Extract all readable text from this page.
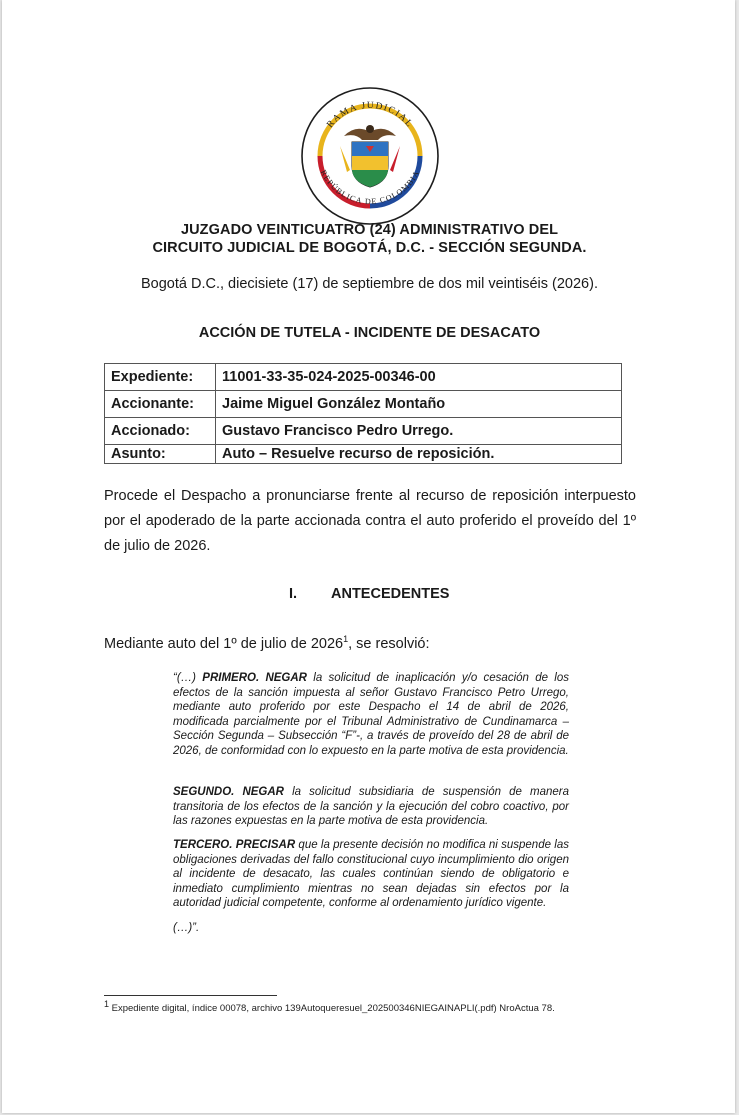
RAMA JUDICIAL
REPÚBLICA DE COLOMBIA
JUZGADO VEINTICUATRO (24) ADMINISTRATIVO DEL
CIRCUITO JUDICIAL DE BOGOTÁ, D.C. - SECCIÓN SEGUNDA.
Bogotá D.C., diecisiete (17) de septiembre de dos mil veintiséis (2026).
ACCIÓN DE TUTELA - INCIDENTE DE DESACATO
Expediente:	11001-33-35-024-2025-00346-00
Accionante:	Jaime Miguel González Montaño
Accionado:	Gustavo Francisco Pedro Urrego.
Asunto:	Auto – Resuelve recurso de reposición.
Procede el Despacho a pronunciarse frente al recurso de reposición interpuesto por el apoderado de la parte accionada contra el auto proferido el proveído del 1º de julio de 2026.
I. ANTECEDENTES
Mediante auto del 1º de julio de 2026$^1$, se resolvió:
“(…) PRIMERO. NEGAR la solicitud de inaplicación y/o cesación de los efectos de la sanción impuesta al señor Gustavo Francisco Petro Urrego, mediante auto proferido por este Despacho el 14 de abril de 2026, modificada parcialmente por el Tribunal Administrativo de Cundinamarca – Sección Segunda – Subsección “F”-, a través de proveído del 28 de abril de 2026, de conformidad con lo expuesto en la parte motiva de esta providencia.
SEGUNDO. NEGAR la solicitud subsidiaria de suspensión de manera transitoria de los efectos de la sanción y la ejecución del cobro coactivo, por las razones expuestas en la parte motiva de esta providencia.
TERCERO. PRECISAR que la presente decisión no modifica ni suspende las obligaciones derivadas del fallo constitucional cuyo incumplimiento dio origen al incidente de desacato, las cuales continúan siendo de obligatorio e inmediato cumplimiento mientras no sean dejadas sin efectos por la autoridad judicial competente, conforme al ordenamiento jurídico vigente.
(…)”.
$^1$ Expediente digital, índice 00078, archivo 139Autoqueresuel_202500346NIEGAINAPLI(.pdf) NroActua 78.
